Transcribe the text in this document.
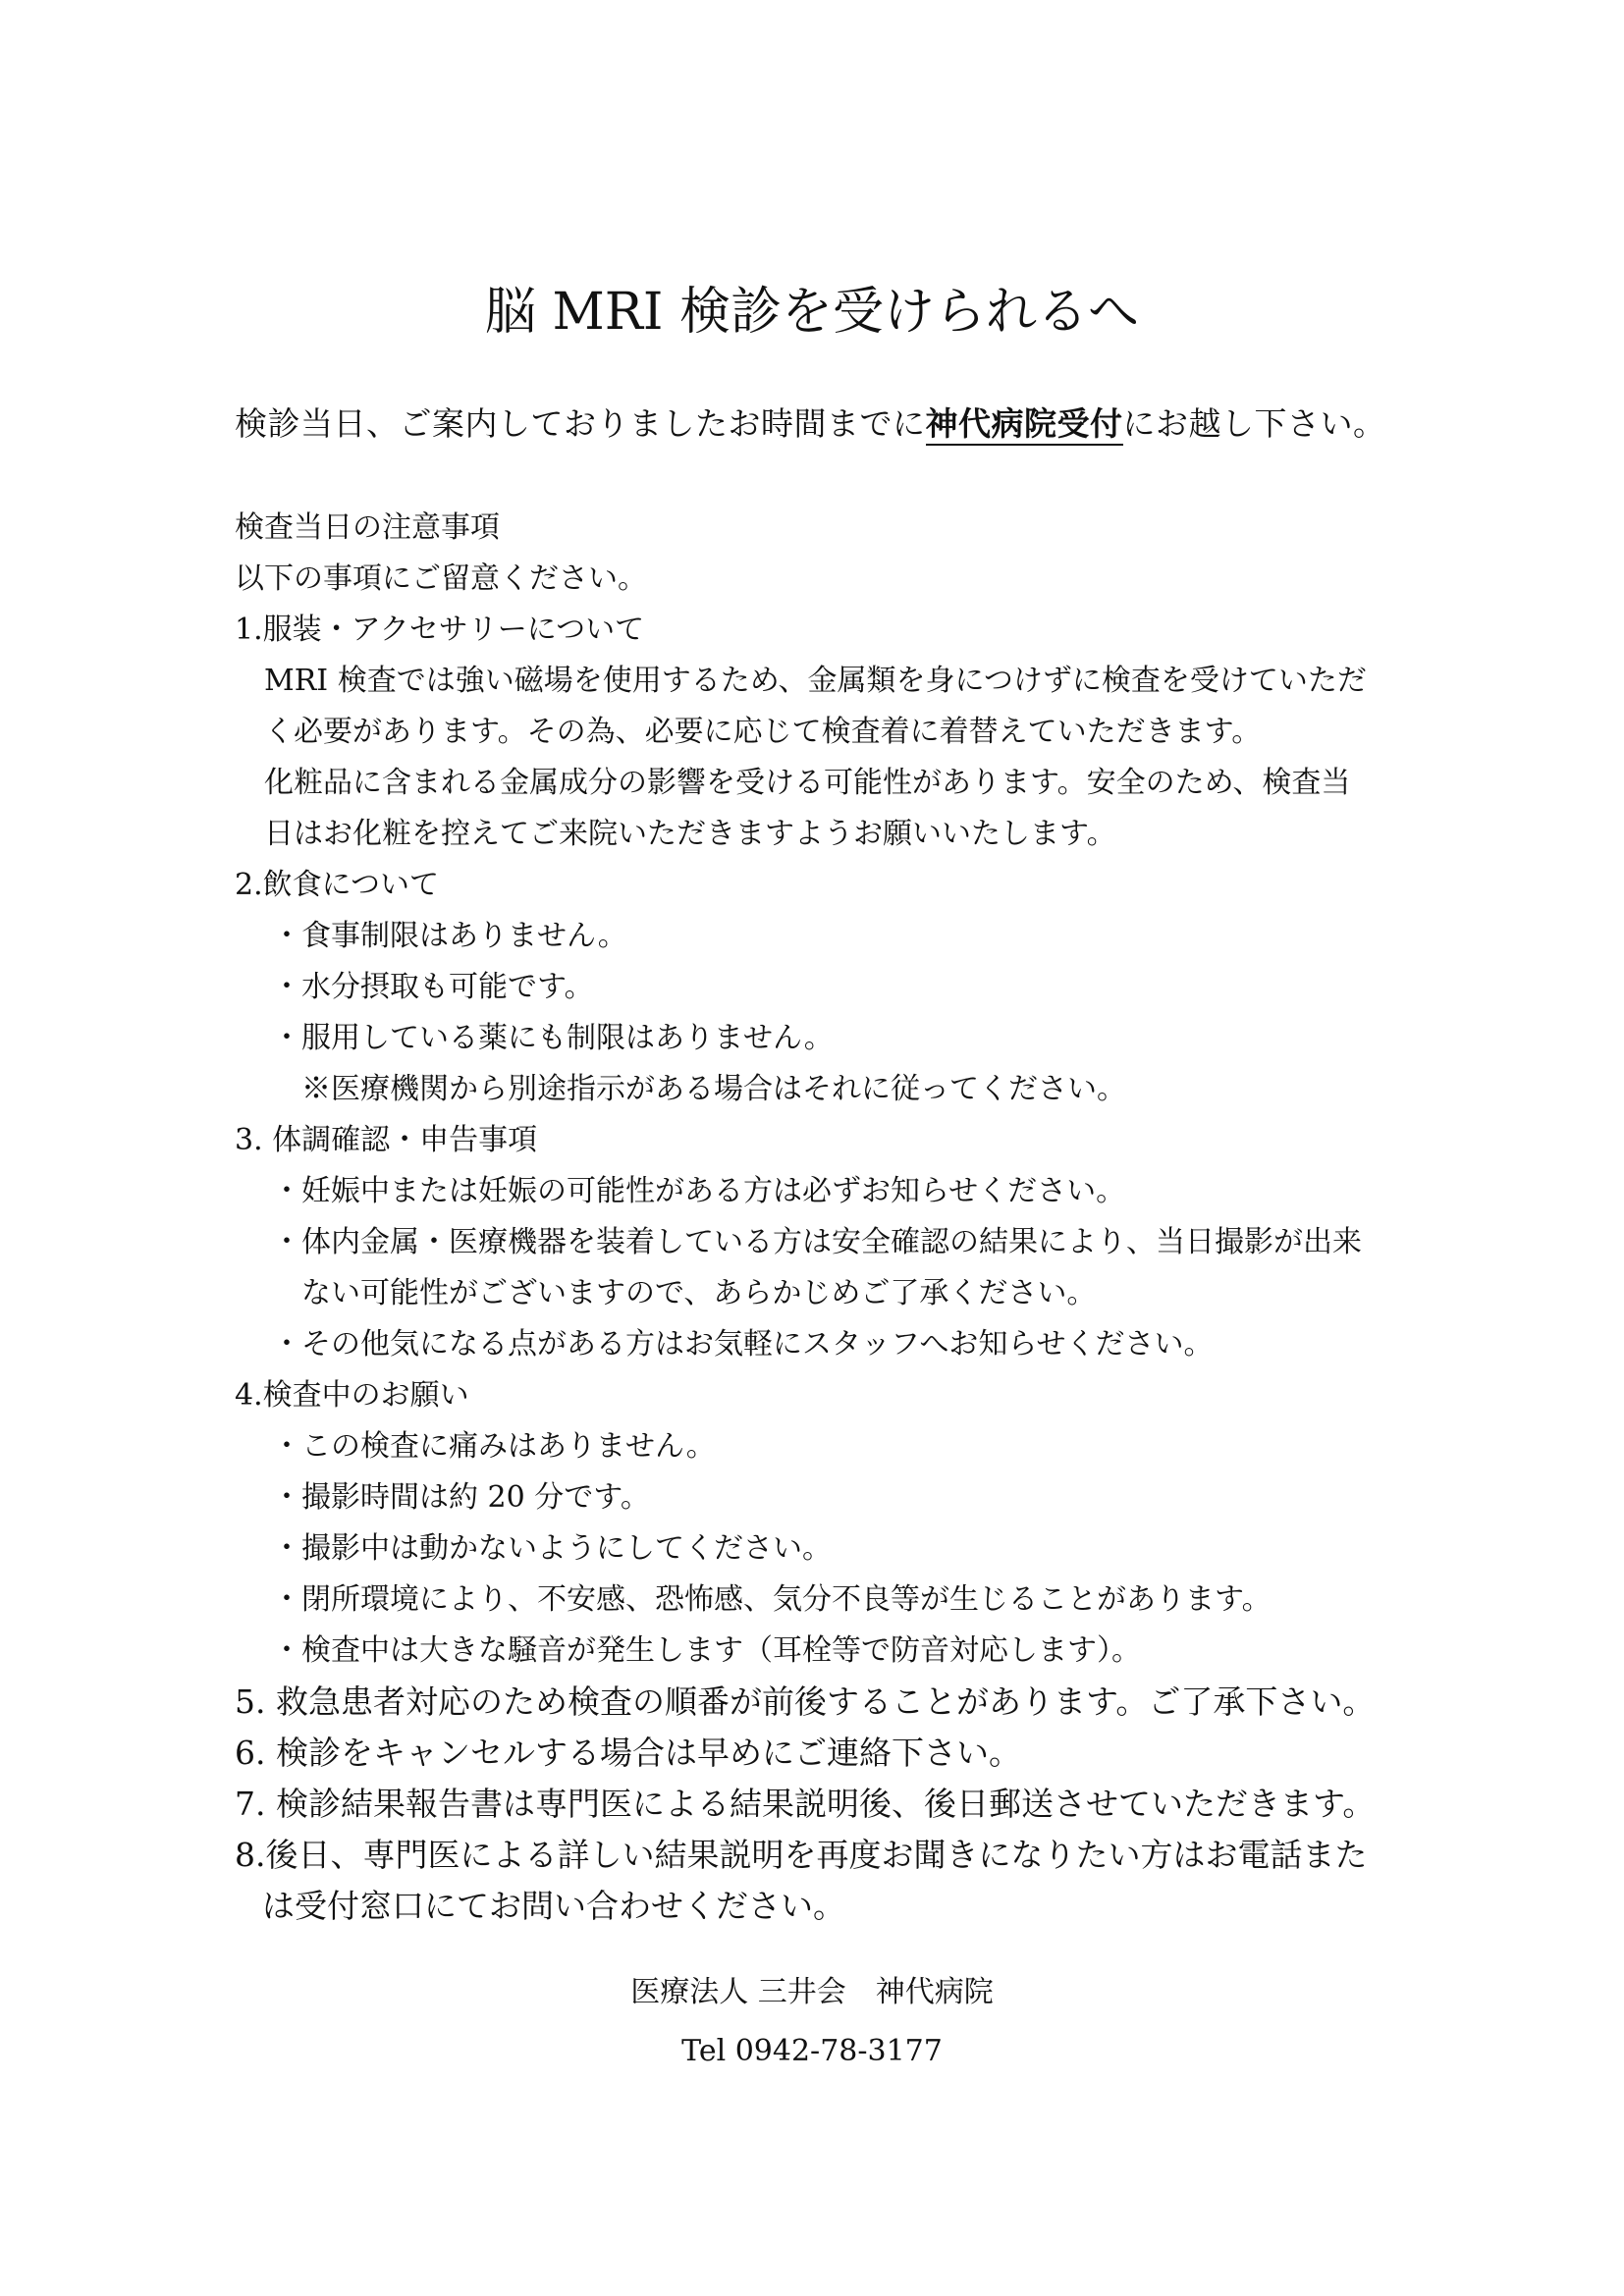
脳 MRI 検診を受けられるへ
検診当日、ご案内しておりましたお時間までに神代病院受付にお越し下さい。
検査当日の注意事項
以下の事項にご留意ください。
1.服装・アクセサリーについて
MRI 検査では強い磁場を使用するため、金属類を身につけずに検査を受けていただ
く必要があります。その為、必要に応じて検査着に着替えていただきます。
化粧品に含まれる金属成分の影響を受ける可能性があります。安全のため、検査当
日はお化粧を控えてご来院いただきますようお願いいたします。
2.飲食について
・食事制限はありません。
・水分摂取も可能です。
・服用している薬にも制限はありません。
※医療機関から別途指示がある場合はそれに従ってください。
3. 体調確認・申告事項
・妊娠中または妊娠の可能性がある方は必ずお知らせください。
・体内金属・医療機器を装着している方は安全確認の結果により、当日撮影が出来
ない可能性がございますので、あらかじめご了承ください。
・その他気になる点がある方はお気軽にスタッフへお知らせください。
4.検査中のお願い
・この検査に痛みはありません。
・撮影時間は約 20 分です。
・撮影中は動かないようにしてください。
・閉所環境により、不安感、恐怖感、気分不良等が生じることがあります。
・検査中は大きな騒音が発生します（耳栓等で防音対応します）。
5. 救急患者対応のため検査の順番が前後することがあります。ご了承下さい。
6. 検診をキャンセルする場合は早めにご連絡下さい。
7. 検診結果報告書は専門医による結果説明後、後日郵送させていただきます。
8.後日、専門医による詳しい結果説明を再度お聞きになりたい方はお電話また
は受付窓口にてお問い合わせください。
医療法人 三井会　神代病院
Tel 0942-78-3177
